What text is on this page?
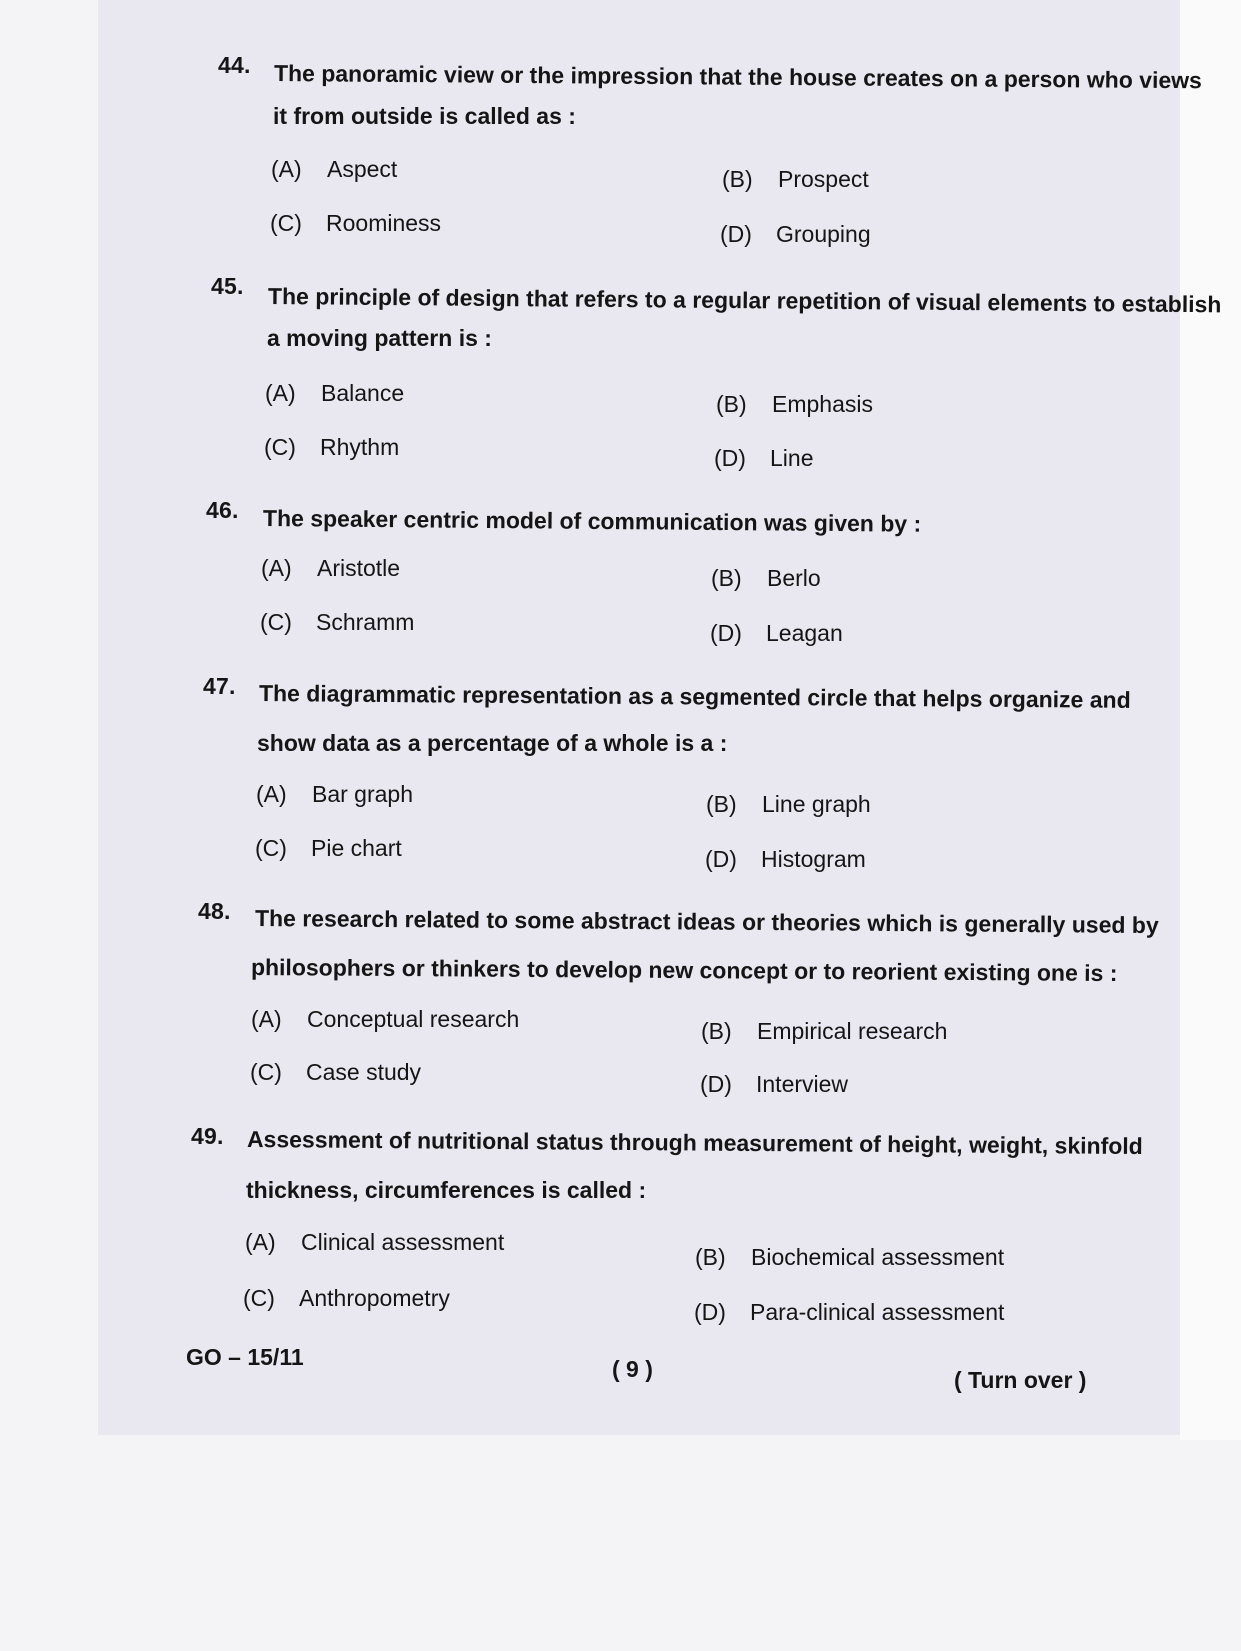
44. The panoramic view or the impression that the house creates on a person who views
it from outside is called as :
(A) Aspect	(B) Prospect
(C) Roominess	(D) Grouping
45. The principle of design that refers to a regular repetition of visual elements to establish
a moving pattern is :
(A) Balance	(B) Emphasis
(C) Rhythm	(D) Line
46. The speaker centric model of communication was given by :
(A) Aristotle	(B) Berlo
(C) Schramm	(D) Leagan
47. The diagrammatic representation as a segmented circle that helps organize and
show data as a percentage of a whole is a :
(A) Bar graph	(B) Line graph
(C) Pie chart	(D) Histogram
48. The research related to some abstract ideas or theories which is generally used by
philosophers or thinkers to develop new concept or to reorient existing one is :
(A) Conceptual research	(B) Empirical research
(C) Case study	(D) Interview
49. Assessment of nutritional status through measurement of height, weight, skinfold
thickness, circumferences is called :
(A) Clinical assessment
(B) Biochemical assessment
(C) Anthropometry
(D) Para-clinical assessment
GO – 15/11	( 9 )	( Turn over )
